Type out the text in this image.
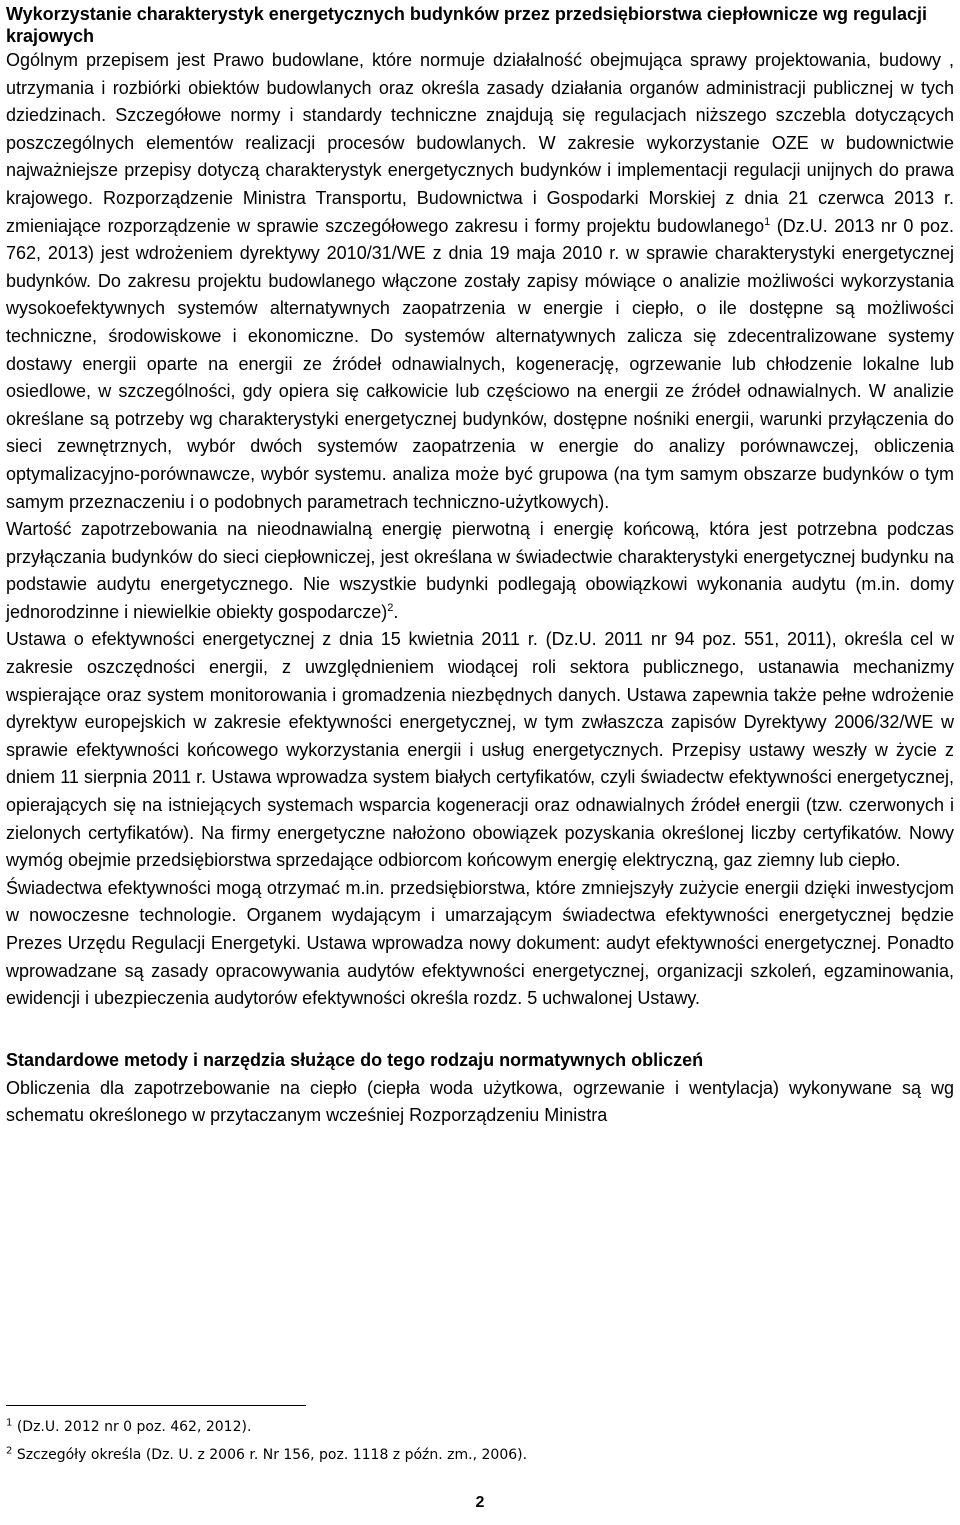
Wykorzystanie charakterystyk energetycznych budynków przez przedsiębiorstwa ciepłownicze wg regulacji krajowych

Ogólnym przepisem jest Prawo budowlane, które normuje działalność obejmująca sprawy projektowania, budowy , utrzymania i rozbiórki obiektów budowlanych oraz określa zasady działania organów administracji publicznej w tych dziedzinach. Szczegółowe normy i standardy techniczne znajdują się regulacjach niższego szczebla dotyczących poszczególnych elementów realizacji procesów budowlanych. W zakresie wykorzystanie OZE w budownictwie najważniejsze przepisy dotyczą charakterystyk energetycznych budynków i implementacji regulacji unijnych do prawa krajowego. Rozporządzenie Ministra Transportu, Budownictwa i Gospodarki Morskiej z dnia 21 czerwca 2013 r. zmieniające rozporządzenie w sprawie szczegółowego zakresu i formy projektu budowlanego$^1$ (Dz.U. 2013 nr 0 poz. 762, 2013) jest wdrożeniem dyrektywy 2010/31/WE z dnia 19 maja 2010 r. w sprawie charakterystyki energetycznej budynków. Do zakresu projektu budowlanego włączone zostały zapisy mówiące o analizie możliwości wykorzystania wysokoefektywnych systemów alternatywnych zaopatrzenia w energie i ciepło, o ile dostępne są możliwości techniczne, środowiskowe i ekonomiczne. Do systemów alternatywnych zalicza się zdecentralizowane systemy dostawy energii oparte na energii ze źródeł odnawialnych, kogenerację, ogrzewanie lub chłodzenie lokalne lub osiedlowe, w szczególności, gdy opiera się całkowicie lub częściowo na energii ze źródeł odnawialnych. W analizie określane są potrzeby wg charakterystyki energetycznej budynków, dostępne nośniki energii, warunki przyłączenia do sieci zewnętrznych, wybór dwóch systemów zaopatrzenia w energie do analizy porównawczej, obliczenia optymalizacyjno-porównawcze, wybór systemu. analiza może być grupowa (na tym samym obszarze budynków o tym samym przeznaczeniu i o podobnych parametrach techniczno-użytkowych).

Wartość zapotrzebowania na nieodnawialną energię pierwotną i energię końcową, która jest potrzebna podczas przyłączania budynków do sieci ciepłowniczej, jest określana w świadectwie charakterystyki energetycznej budynku na podstawie audytu energetycznego. Nie wszystkie budynki podlegają obowiązkowi wykonania audytu (m.in. domy jednorodzinne i niewielkie obiekty gospodarcze)$^2$.

Ustawa o efektywności energetycznej z dnia 15 kwietnia 2011 r. (Dz.U. 2011 nr 94 poz. 551, 2011), określa cel w zakresie oszczędności energii, z uwzględnieniem wiodącej roli sektora publicznego, ustanawia mechanizmy wspierające oraz system monitorowania i gromadzenia niezbędnych danych. Ustawa zapewnia także pełne wdrożenie dyrektyw europejskich w zakresie efektywności energetycznej, w tym zwłaszcza zapisów Dyrektywy 2006/32/WE w sprawie efektywności końcowego wykorzystania energii i usług energetycznych. Przepisy ustawy weszły w życie z dniem 11 sierpnia 2011 r. Ustawa wprowadza system białych certyfikatów, czyli świadectw efektywności energetycznej, opierających się na istniejących systemach wsparcia kogeneracji oraz odnawialnych źródeł energii (tzw. czerwonych i zielonych certyfikatów). Na firmy energetyczne nałożono obowiązek pozyskania określonej liczby certyfikatów. Nowy wymóg obejmie przedsiębiorstwa sprzedające odbiorcom końcowym energię elektryczną, gaz ziemny lub ciepło.

Świadectwa efektywności mogą otrzymać m.in. przedsiębiorstwa, które zmniejszyły zużycie energii dzięki inwestycjom w nowoczesne technologie. Organem wydającym i umarzającym świadectwa efektywności energetycznej będzie Prezes Urzędu Regulacji Energetyki. Ustawa wprowadza nowy dokument: audyt efektywności energetycznej. Ponadto wprowadzane są zasady opracowywania audytów efektywności energetycznej, organizacji szkoleń, egzaminowania, ewidencji i ubezpieczenia audytorów efektywności określa rozdz. 5 uchwalonej Ustawy.

Standardowe metody i narzędzia służące do tego rodzaju normatywnych obliczeń

Obliczenia dla zapotrzebowanie na ciepło (ciepła woda użytkowa, ogrzewanie i wentylacja) wykonywane są wg schematu określonego w przytaczanym wcześniej Rozporządzeniu Ministra

$^1$ (Dz.U. 2012 nr 0 poz. 462, 2012).

$^2$ Szczegóły określa (Dz. U. z 2006 r. Nr 156, poz. 1118 z późn. zm., 2006).

2
